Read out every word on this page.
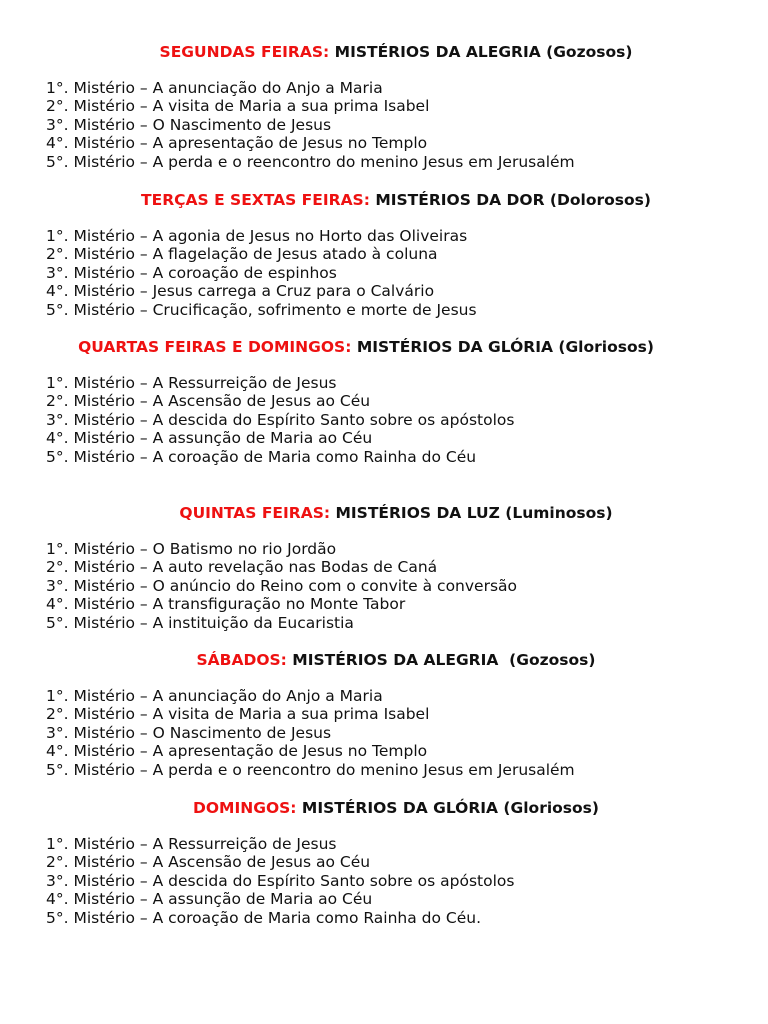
SEGUNDAS FEIRAS: MISTÉRIOS DA ALEGRIA (Gozosos)
1°. Mistério – A anunciação do Anjo a Maria
2°. Mistério – A visita de Maria a sua prima Isabel
3°. Mistério – O Nascimento de Jesus
4°. Mistério – A apresentação de Jesus no Templo
5°. Mistério – A perda e o reencontro do menino Jesus em Jerusalém
TERÇAS E SEXTAS FEIRAS: MISTÉRIOS DA DOR (Dolorosos)
1°. Mistério – A agonia de Jesus no Horto das Oliveiras
2°. Mistério – A flagelação de Jesus atado à coluna
3°. Mistério – A coroação de espinhos
4°. Mistério – Jesus carrega a Cruz para o Calvário
5°. Mistério – Crucificação, sofrimento e morte de Jesus
QUARTAS FEIRAS E DOMINGOS: MISTÉRIOS DA GLÓRIA (Gloriosos)
1°. Mistério – A Ressurreição de Jesus
2°. Mistério – A Ascensão de Jesus ao Céu
3°. Mistério – A descida do Espírito Santo sobre os apóstolos
4°. Mistério – A assunção de Maria ao Céu
5°. Mistério – A coroação de Maria como Rainha do Céu
QUINTAS FEIRAS: MISTÉRIOS DA LUZ (Luminosos)
1°. Mistério – O Batismo no rio Jordão
2°. Mistério – A auto revelação nas Bodas de Caná
3°. Mistério – O anúncio do Reino com o convite à conversão
4°. Mistério – A transfiguração no Monte Tabor
5°. Mistério – A instituição da Eucaristia
SÁBADOS: MISTÉRIOS DA ALEGRIA  (Gozosos)
1°. Mistério – A anunciação do Anjo a Maria
2°. Mistério – A visita de Maria a sua prima Isabel
3°. Mistério – O Nascimento de Jesus
4°. Mistério – A apresentação de Jesus no Templo
5°. Mistério – A perda e o reencontro do menino Jesus em Jerusalém
DOMINGOS: MISTÉRIOS DA GLÓRIA (Gloriosos)
1°. Mistério – A Ressurreição de Jesus
2°. Mistério – A Ascensão de Jesus ao Céu
3°. Mistério – A descida do Espírito Santo sobre os apóstolos
4°. Mistério – A assunção de Maria ao Céu
5°. Mistério – A coroação de Maria como Rainha do Céu.
